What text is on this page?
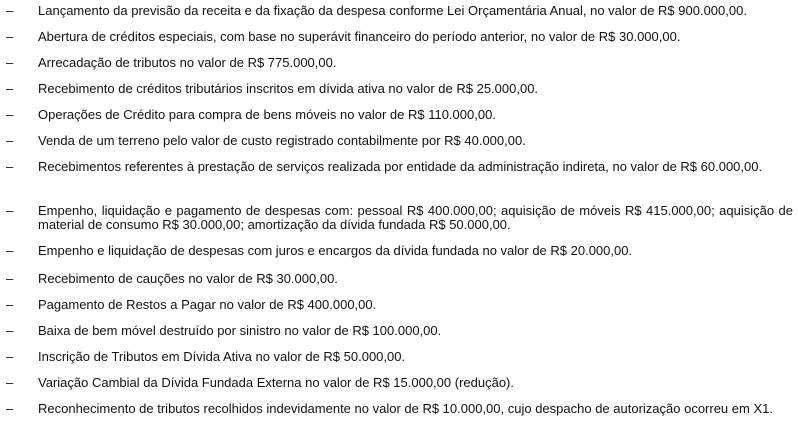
–	Lançamento da previsão da receita e da fixação da despesa conforme Lei Orçamentária Anual, no valor de R$ 900.000,00.
–	Abertura de créditos especiais, com base no superávit financeiro do período anterior, no valor de R$ 30.000,00.
–	Arrecadação de tributos no valor de R$ 775.000,00.
–	Recebimento de créditos tributários inscritos em dívida ativa no valor de R$ 25.000,00.
–	Operações de Crédito para compra de bens móveis no valor de R$ 110.000,00.
–	Venda de um terreno pelo valor de custo registrado contabilmente por R$ 40.000,00.
–	Recebimentos referentes à prestação de serviços realizada por entidade da administração indireta, no valor de R$ 60.000,00.
–	Empenho, liquidação e pagamento de despesas com: pessoal R$ 400.000,00; aquisição de móveis R$ 415.000,00; aquisição de material de consumo R$ 30.000,00; amortização da dívida fundada R$ 50.000,00.
–	Empenho e liquidação de despesas com juros e encargos da dívida fundada no valor de R$ 20.000,00.
–	Recebimento de cauções no valor de R$ 30.000,00.
–	Pagamento de Restos a Pagar no valor de R$ 400.000,00.
–	Baixa de bem móvel destruído por sinistro no valor de R$ 100.000,00.
–	Inscrição de Tributos em Dívida Ativa no valor de R$ 50.000,00.
–	Variação Cambial da Dívida Fundada Externa no valor de R$ 15.000,00 (redução).
–	Reconhecimento de tributos recolhidos indevidamente no valor de R$ 10.000,00, cujo despacho de autorização ocorreu em X1.
